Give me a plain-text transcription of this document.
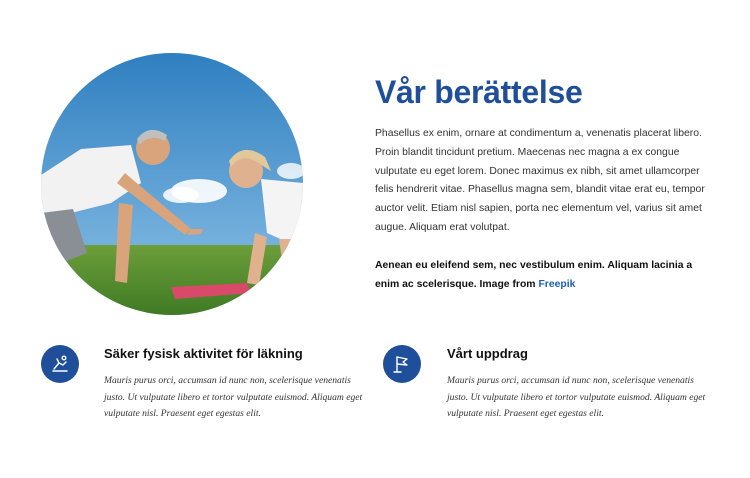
Vår berättelse

Phasellus ex enim, ornare at condimentum a, venenatis placerat libero. Proin blandit tincidunt pretium. Maecenas nec magna a ex congue vulputate eu eget lorem. Donec maximus ex nibh, sit amet ullamcorper felis hendrerit vitae. Phasellus magna sem, blandit vitae erat eu, tempor auctor velit. Etiam nisl sapien, porta nec elementum vel, varius sit amet augue. Aliquam erat volutpat.

Aenean eu eleifend sem, nec vestibulum enim. Aliquam lacinia a enim ac scelerisque. Image from Freepik

Säker fysisk aktivitet för läkning

Mauris purus orci, accumsan id nunc non, scelerisque venenatis justo. Ut vulputate libero et tortor vulputate euismod. Aliquam eget vulputate nisl. Praesent eget egestas elit.

Vårt uppdrag

Mauris purus orci, accumsan id nunc non, scelerisque venenatis justo. Ut vulputate libero et tortor vulputate euismod. Aliquam eget vulputate nisl. Praesent eget egestas elit.
